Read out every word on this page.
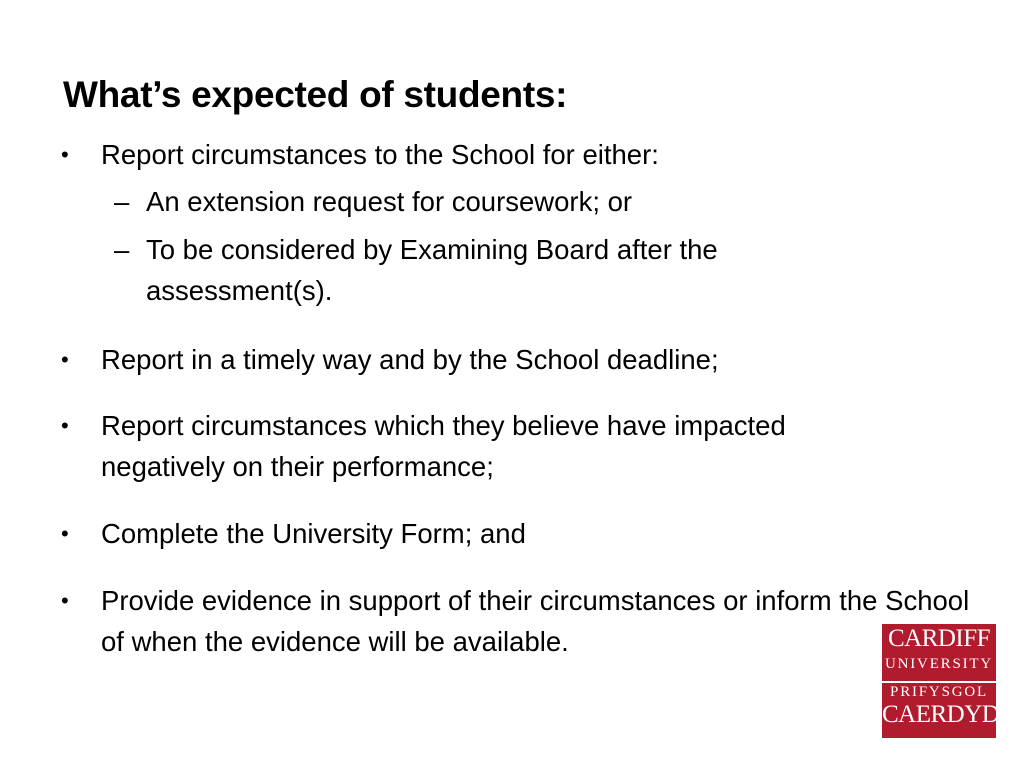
What’s expected of students:
• Report circumstances to the School for either:
– An extension request for coursework; or
– To be considered by Examining Board after the assessment(s).
• Report in a timely way and by the School deadline;
• Report circumstances which they believe have impacted negatively on their performance;
• Complete the University Form; and
• Provide evidence in support of their circumstances or inform the School of when the evidence will be available.	CARDIFF
UNIVERSITY
PRIFYSGOL
CAERDYDD
